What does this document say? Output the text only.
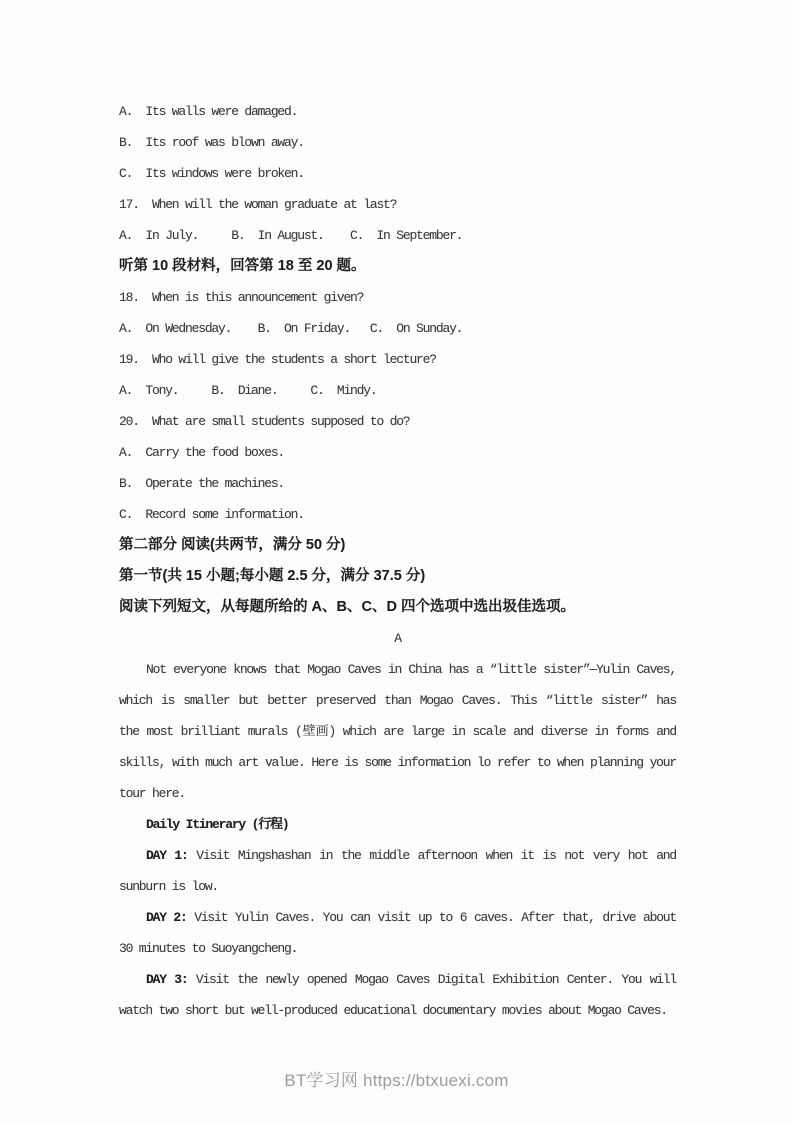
A.  Its walls were damaged.
B.  Its roof was blown away.
C.  Its windows were broken.
17.  When will the woman graduate at last?
A.  In July.     B.  In August.    C.  In September.
听第 10 段材料，回答第 18 至 20 题。
18.  When is this announcement given?
A.  On Wednesday.    B.  On Friday.   C.  On Sunday.
19.  Who will give the students a short lecture?
A.  Tony.     B.  Diane.     C.  Mindy.
20.  What are small students supposed to do?
A.  Carry the food boxes.
B.  Operate the machines.
C.  Record some information.
第二部分 阅读(共两节，满分 50 分)
第一节(共 15 小题;每小题 2.5 分，满分 37.5 分)
阅读下列短文，从每题所给的 A、B、C、D 四个选项中选出圾佳选项。
A
Not everyone knows that Mogao Caves in China has a “little sister”—Yulin Caves,
which is smaller but better preserved than Mogao Caves. This “little sister” has
the most brilliant murals (壁画) which are large in scale and diverse in forms and
skills, with much art value. Here is some information lo refer to when planning your
tour here.
Daily Itinerary (行程)
DAY 1: Visit Mingshashan in the middle afternoon when it is not very hot and
sunburn is low.
DAY 2: Visit Yulin Caves. You can visit up to 6 caves. After that, drive about
30 minutes to Suoyangcheng.
DAY 3: Visit the newly opened Mogao Caves Digital Exhibition Center. You will
watch two short but well-produced educational documentary movies about Mogao Caves.
BT学习网 https://btxuexi.com
